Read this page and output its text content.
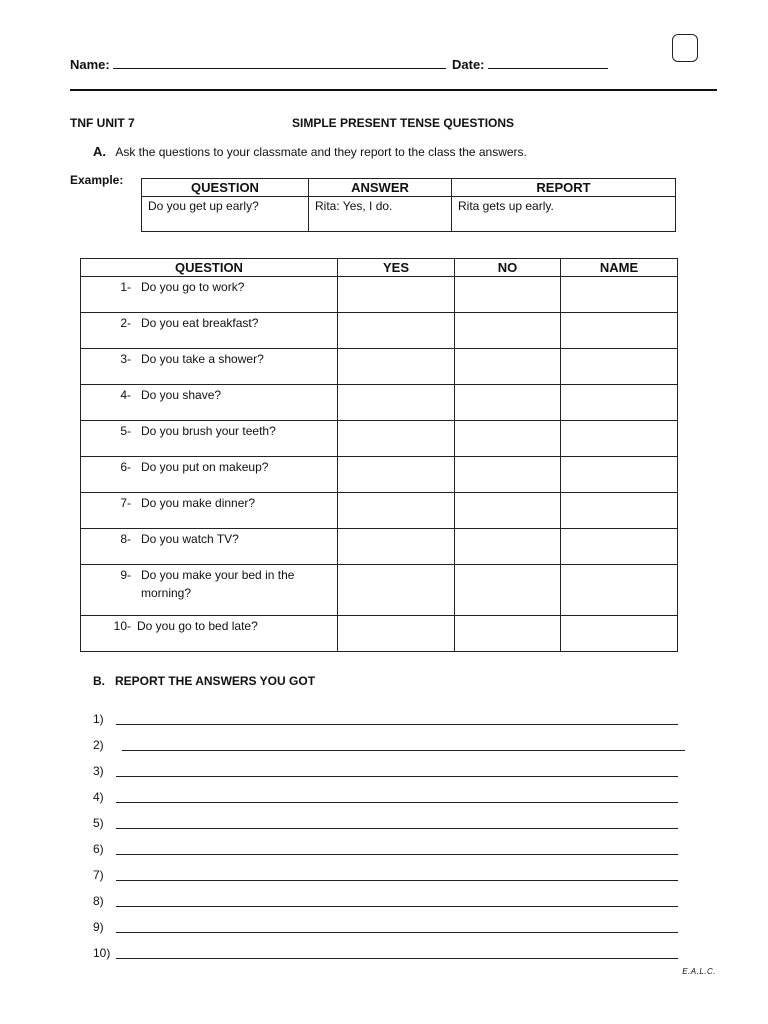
Name:	Date:
TNF UNIT 7	SIMPLE PRESENT TENSE QUESTIONS
A. Ask the questions to your classmate and they report to the class the answers.
Example:	QUESTION	ANSWER	REPORT
Do you get up early?	Rita: Yes, I do.	Rita gets up early.
QUESTION	YES	NO	NAME
1- Do you go to work?			
2- Do you eat breakfast?			
3- Do you take a shower?			
4- Do you shave?			
5- Do you brush your teeth?			
6- Do you put on makeup?			
7- Do you make dinner?			
8- Do you watch TV?			
9- Do you make your bed in the morning?			
10- Do you go to bed late?			
B.   REPORT THE ANSWERS YOU GOT
1)
2)
3)
4)
5)
6)
7)
8)
9)
10)
E.A.L.C.
